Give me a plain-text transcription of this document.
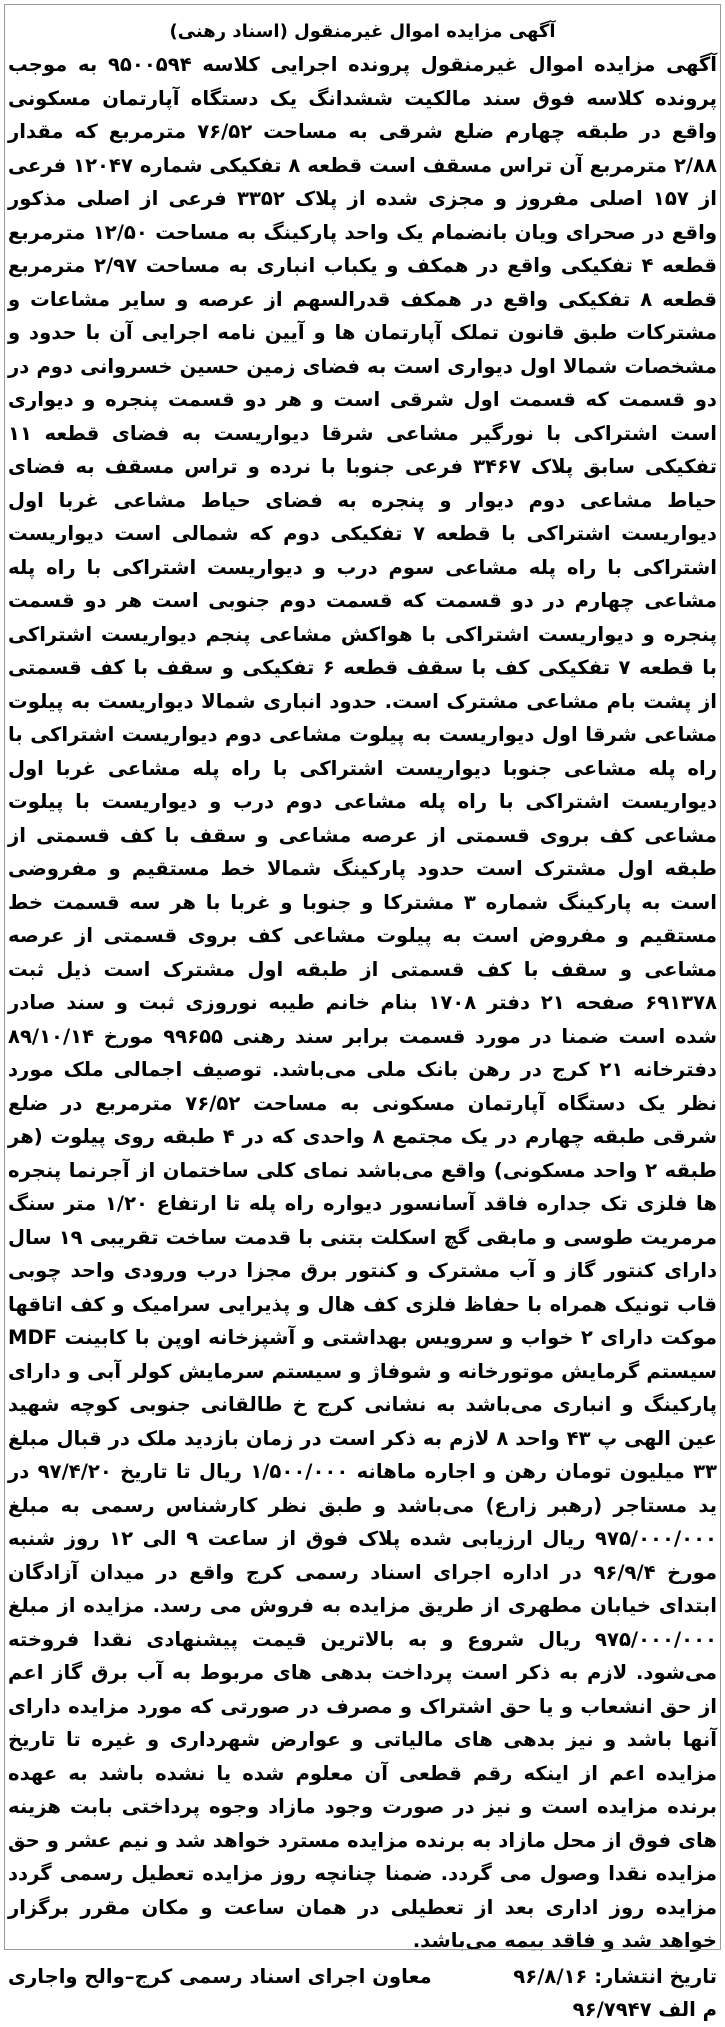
آگهی مزایده اموال غیرمنقول (اسناد رهنی)

آگهی مزایده اموال غیرمنقول پرونده اجرایی کلاسه ۹۵۰۰۵۹۴ به موجب پرونده کلاسه فوق سند مالکیت ششدانگ یک دستگاه آپارتمان مسکونی واقع در طبقه چهارم ضلع شرقی به مساحت ۷۶/۵۲ مترمربع که مقدار ۲/۸۸ مترمربع آن تراس مسقف است قطعه ۸ تفکیکی شماره ۱۲۰۴۷ فرعی از ۱۵۷ اصلی مفروز و مجزی شده از پلاک ۳۳۵۲ فرعی از اصلی مذکور واقع در صحرای ویان بانضمام یک واحد پارکینگ به مساحت ۱۲/۵۰ مترمربع قطعه ۴ تفکیکی واقع در همکف و یکباب انباری به مساحت ۲/۹۷ مترمربع قطعه ۸ تفکیکی واقع در همکف قدرالسهم از عرصه و سایر مشاعات و مشترکات طبق قانون تملک آپارتمان ها و آیین نامه اجرایی آن با حدود و مشخصات شمالا اول دیواری است به فضای زمین حسین خسروانی دوم در دو قسمت که قسمت اول شرقی است و هر دو قسمت پنجره و دیواری است اشتراکی با نورگیر مشاعی شرقا دیواریست به فضای قطعه ۱۱ تفکیکی سابق پلاک ۳۴۶۷ فرعی جنوبا با نرده و تراس مسقف به فضای حیاط مشاعی دوم دیوار و پنجره به فضای حیاط مشاعی غربا اول دیواریست اشتراکی با قطعه ۷ تفکیکی دوم که شمالی است دیواریست اشتراکی با راه پله مشاعی سوم درب و دیواریست اشتراکی با راه پله مشاعی چهارم در دو قسمت که قسمت دوم جنوبی است هر دو قسمت پنجره و دیواریست اشتراکی با هواکش مشاعی پنجم دیواریست اشتراکی با قطعه ۷ تفکیکی کف با سقف قطعه ۶ تفکیکی و سقف با کف قسمتی از پشت بام مشاعی مشترک است. حدود انباری شمالا دیواریست به پیلوت مشاعی شرقا اول دیواریست به پیلوت مشاعی دوم دیواریست اشتراکی با راه پله مشاعی جنوبا دیواریست اشتراکی با راه پله مشاعی غربا اول دیواریست اشتراکی با راه پله مشاعی دوم درب و دیواریست با پیلوت مشاعی کف بروی قسمتی از عرصه مشاعی و سقف با کف قسمتی از طبقه اول مشترک است حدود پارکینگ شمالا خط مستقیم و مفروضی است به پارکینگ شماره ۳ مشترکا و جنوبا و غربا با هر سه قسمت خط مستقیم و مفروض است به پیلوت مشاعی کف بروی قسمتی از عرصه مشاعی و سقف با کف قسمتی از طبقه اول مشترک است ذیل ثبت ۶۹۱۳۷۸ صفحه ۲۱ دفتر ۱۷۰۸ بنام خانم طیبه نوروزی ثبت و سند صادر شده است ضمنا در مورد قسمت برابر سند رهنی ۹۹۶۵۵ مورخ ۸۹/۱۰/۱۴ دفترخانه ۲۱ کرج در رهن بانک ملی می‌باشد. توصیف اجمالی ملک مورد نظر یک دستگاه آپارتمان مسکونی به مساحت ۷۶/۵۲ مترمربع در ضلع شرقی طبقه چهارم در یک مجتمع ۸ واحدی که در ۴ طبقه روی پیلوت (هر طبقه ۲ واحد مسکونی) واقع می‌باشد نمای کلی ساختمان از آجرنما پنجره ها فلزی تک جداره فاقد آسانسور دیواره راه پله تا ارتفاع ۱/۲۰ متر سنگ مرمریت طوسی و مابقی گچ اسکلت بتنی با قدمت ساخت تقریبی ۱۹ سال دارای کنتور گاز و آب مشترک و کنتور برق مجزا درب ورودی واحد چوبی قاب تونیک همراه با حفاظ فلزی کف هال و پذیرایی سرامیک و کف اتاقها موکت دارای ۲ خواب و سرویس بهداشتی و آشپزخانه اوپن با کابینت MDF سیستم گرمایش موتورخانه و شوفاژ و سیستم سرمایش کولر آبی و دارای پارکینگ و انباری می‌باشد به نشانی کرج خ طالقانی جنوبی کوچه شهید عین الهی پ ۴۳ واحد ۸ لازم به ذکر است در زمان بازدید ملک در قبال مبلغ ۳۳ میلیون تومان رهن و اجاره ماهانه ۱/۵۰۰/۰۰۰ ریال تا تاریخ ۹۷/۴/۲۰ در ید مستاجر (رهبر زارع) می‌باشد و طبق نظر کارشناس رسمی به مبلغ ۹۷۵/۰۰۰/۰۰۰ ریال ارزیابی شده پلاک فوق از ساعت ۹ الی ۱۲ روز شنبه مورخ ۹۶/۹/۴ در اداره اجرای اسناد رسمی کرج واقع در میدان آزادگان ابتدای خیابان مطهری از طریق مزایده به فروش می رسد. مزایده از مبلغ ۹۷۵/۰۰۰/۰۰۰ ریال شروع و به بالاترین قیمت پیشنهادی نقدا فروخته می‌شود. لازم به ذکر است پرداخت بدهی های مربوط به آب برق گاز اعم از حق انشعاب و یا حق اشتراک و مصرف در صورتی که مورد مزایده دارای آنها باشد و نیز بدهی های مالیاتی و عوارض شهرداری و غیره تا تاریخ مزایده اعم از اینکه رقم قطعی آن معلوم شده یا نشده باشد به عهده برنده مزایده است و نیز در صورت وجود مازاد وجوه پرداختی بابت هزینه های فوق از محل مازاد به برنده مزایده مسترد خواهد شد و نیم عشر و حق مزایده نقدا وصول می گردد. ضمنا چنانچه روز مزایده تعطیل رسمی گردد مزایده روز اداری بعد از تعطیلی در همان ساعت و مکان مقرر برگزار خواهد شد و فاقد بیمه می‌باشد.

تاریخ انتشار: ۹۶/۸/۱۶
معاون اجرای اسناد رسمی کرج–والح واجاری
م الف ۹۶/۷۹۴۷
